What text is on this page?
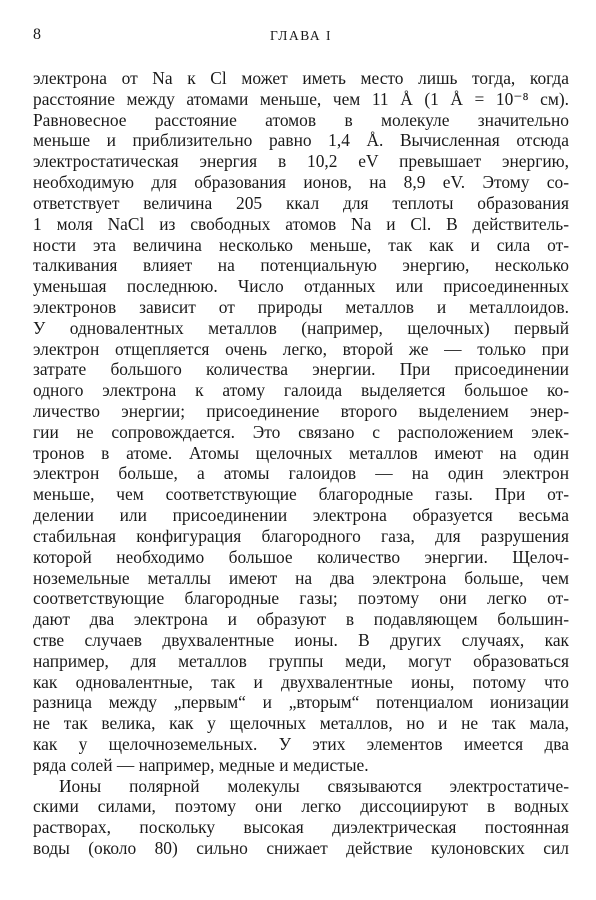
8	ГЛАВА I
электрона от Na к Cl может иметь место лишь тогда, когда
расстояние между атомами меньше, чем 11 Å (1 Å = 10⁻⁸ см).
Равновесное расстояние атомов в молекуле значительно
меньше и приблизительно равно 1,4 Å. Вычисленная отсюда
электростатическая энергия в 10,2 eV превышает энергию,
необходимую для образования ионов, на 8,9 eV. Этому со-
ответствует величина 205 ккал для теплоты образования
1 моля NaCl из свободных атомов Na и Cl. В действитель-
ности эта величина несколько меньше, так как и сила от-
талкивания влияет на потенциальную энергию, несколько
уменьшая последнюю. Число отданных или присоединенных
электронов зависит от природы металлов и металлоидов.
У одновалентных металлов (например, щелочных) первый
электрон отщепляется очень легко, второй же — только при
затрате большого количества энергии. При присоединении
одного электрона к атому галоида выделяется большое ко-
личество энергии; присоединение второго выделением энер-
гии не сопровождается. Это связано с расположением элек-
тронов в атоме. Атомы щелочных металлов имеют на один
электрон больше, а атомы галоидов — на один электрон
меньше, чем соответствующие благородные газы. При от-
делении или присоединении электрона образуется весьма
стабильная конфигурация благородного газа, для разрушения
которой необходимо большое количество энергии. Щелоч-
ноземельные металлы имеют на два электрона больше, чем
соответствующие благородные газы; поэтому они легко от-
дают два электрона и образуют в подавляющем большин-
стве случаев двухвалентные ионы. В других случаях, как
например, для металлов группы меди, могут образоваться
как одновалентные, так и двухвалентные ионы, потому что
разница между „первым“ и „вторым“ потенциалом ионизации
не так велика, как у щелочных металлов, но и не так мала,
как у щелочноземельных. У этих элементов имеется два
ряда солей — например, медные и медистые.
Ионы полярной молекулы связываются электростатиче-
скими силами, поэтому они легко диссоциируют в водных
растворах, поскольку высокая диэлектрическая постоянная
воды (около 80) сильно снижает действие кулоновских сил
